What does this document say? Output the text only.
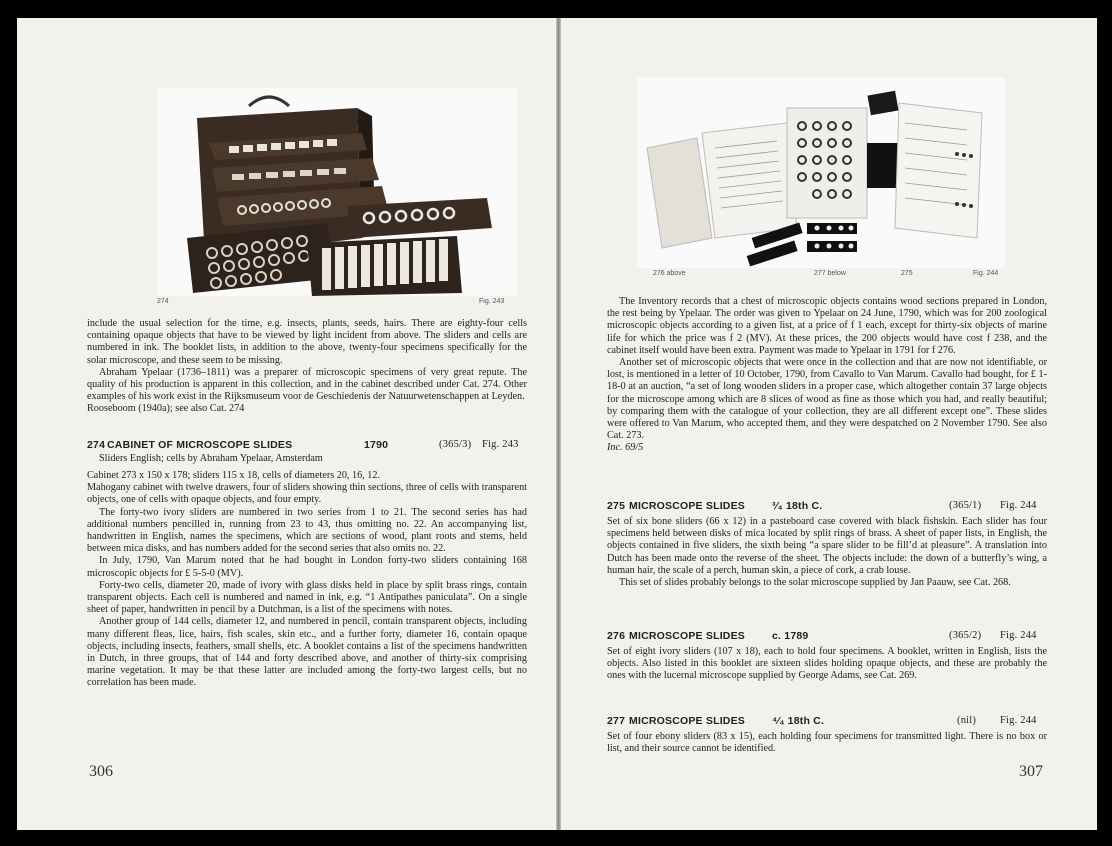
274	Fig. 243

include the usual selection for the time, e.g. insects, plants, seeds, hairs. There are eighty-four cells containing opaque objects that have to be viewed by light incident from above. The sliders and cells are numbered in ink. The booklet lists, in addition to the above, twenty-four specimens specifically for the solar microscope, and these seem to be missing.

Abraham Ypelaar (1736–1811) was a preparer of microscopic specimens of very great repute. The quality of his production is apparent in this collection, and in the cabinet described under Cat. 274. Other examples of his work exist in the Rijksmuseum voor de Geschiedenis der Natuurwetenschappen at Leyden.

Rooseboom (1940a); see also Cat. 274

274 CABINET OF MICROSCOPE SLIDES	1790	(365/3) Fig. 243
Sliders English; cells by Abraham Ypelaar, Amsterdam

Cabinet 273 x 150 x 178; sliders 115 x 18, cells of diameters 20, 16, 12.

Mahogany cabinet with twelve drawers, four of sliders showing thin sections, three of cells with transparent objects, one of cells with opaque objects, and four empty.

The forty-two ivory sliders are numbered in two series from 1 to 21. The second series has had additional numbers pencilled in, running from 23 to 43, thus omitting no. 22. An accompanying list, handwritten in English, names the specimens, which are sections of wood, plant roots and stems, held between mica disks, and has numbers added for the second series that also omits no. 22.

In July, 1790, Van Marum noted that he had bought in London forty-two sliders containing 168 microscopic objects for £ 5-5-0 (MV).

Forty-two cells, diameter 20, made of ivory with glass disks held in place by split brass rings, contain transparent objects. Each cell is numbered and named in ink, e.g. “1 Antipathes paniculata”. On a single sheet of paper, handwritten in pencil by a Dutchman, is a list of the specimens with notes.

Another group of 144 cells, diameter 12, and numbered in pencil, contain transparent objects, including many different fleas, lice, hairs, fish scales, skin etc., and a further forty, diameter 16, contain opaque objects, including insects, feathers, small shells, etc. A booklet contains a list of the specimens handwritten in Dutch, in three groups, that of 144 and forty described above, and another of thirty-six comprising marine vegetation. It may be that these latter are included among the forty-two largest cells, but no correlation has been made.

306
276 above	277 below	275	Fig. 244

The Inventory records that a chest of microscopic objects contains wood sections prepared in London, the rest being by Ypelaar. The order was given to Ypelaar on 24 June, 1790, which was for 200 zoological microscopic objects according to a given list, at a price of f 1 each, except for thirty-six objects of marine life for which the price was f 2 (MV). At these prices, the 200 objects would have cost f 238, and the cabinet itself would have been extra. Payment was made to Ypelaar in 1791 for f 276.

Another set of microscopic objects that were once in the collection and that are now not identifiable, or lost, is mentioned in a letter of 10 October, 1790, from Cavallo to Van Marum. Cavallo had bought, for £ 1-18-0 at an auction, “a set of long wooden sliders in a proper case, which altogether contain 37 large objects for the microscope among which are 8 slices of wood as fine as those which you had, and really beautiful; by comparing them with the catalogue of your collection, they are all different except one”. These slides were offered to Van Marum, who accepted them, and they were despatched on 2 November 1790. See also Cat. 273.

Inc. 69/5

275 MICROSCOPE SLIDES	³⁄₄ 18th C.	(365/1) Fig. 244

Set of six bone sliders (66 x 12) in a pasteboard case covered with black fishskin. Each slider has four specimens held between disks of mica located by split rings of brass. A sheet of paper lists, in English, the objects contained in five sliders, the sixth being “a spare slider to be fill’d at pleasure”. A translation into Dutch has been made onto the reverse of the sheet. The objects include: the down of a butterfly’s wing, a human hair, the scale of a perch, human skin, a piece of cork, a crab louse.

This set of slides probably belongs to the solar microscope supplied by Jan Paauw, see Cat. 268.

276 MICROSCOPE SLIDES	c. 1789	(365/2) Fig. 244

Set of eight ivory sliders (107 x 18), each to hold four specimens. A booklet, written in English, lists the objects. Also listed in this booklet are sixteen slides holding opaque objects, and these are probably the ones with the lucernal microscope supplied by George Adams, see Cat. 269.

277 MICROSCOPE SLIDES	⁴⁄₄ 18th C.	(nil) Fig. 244

Set of four ebony sliders (83 x 15), each holding four specimens for transmitted light. There is no box or list, and their source cannot be identified.

307
